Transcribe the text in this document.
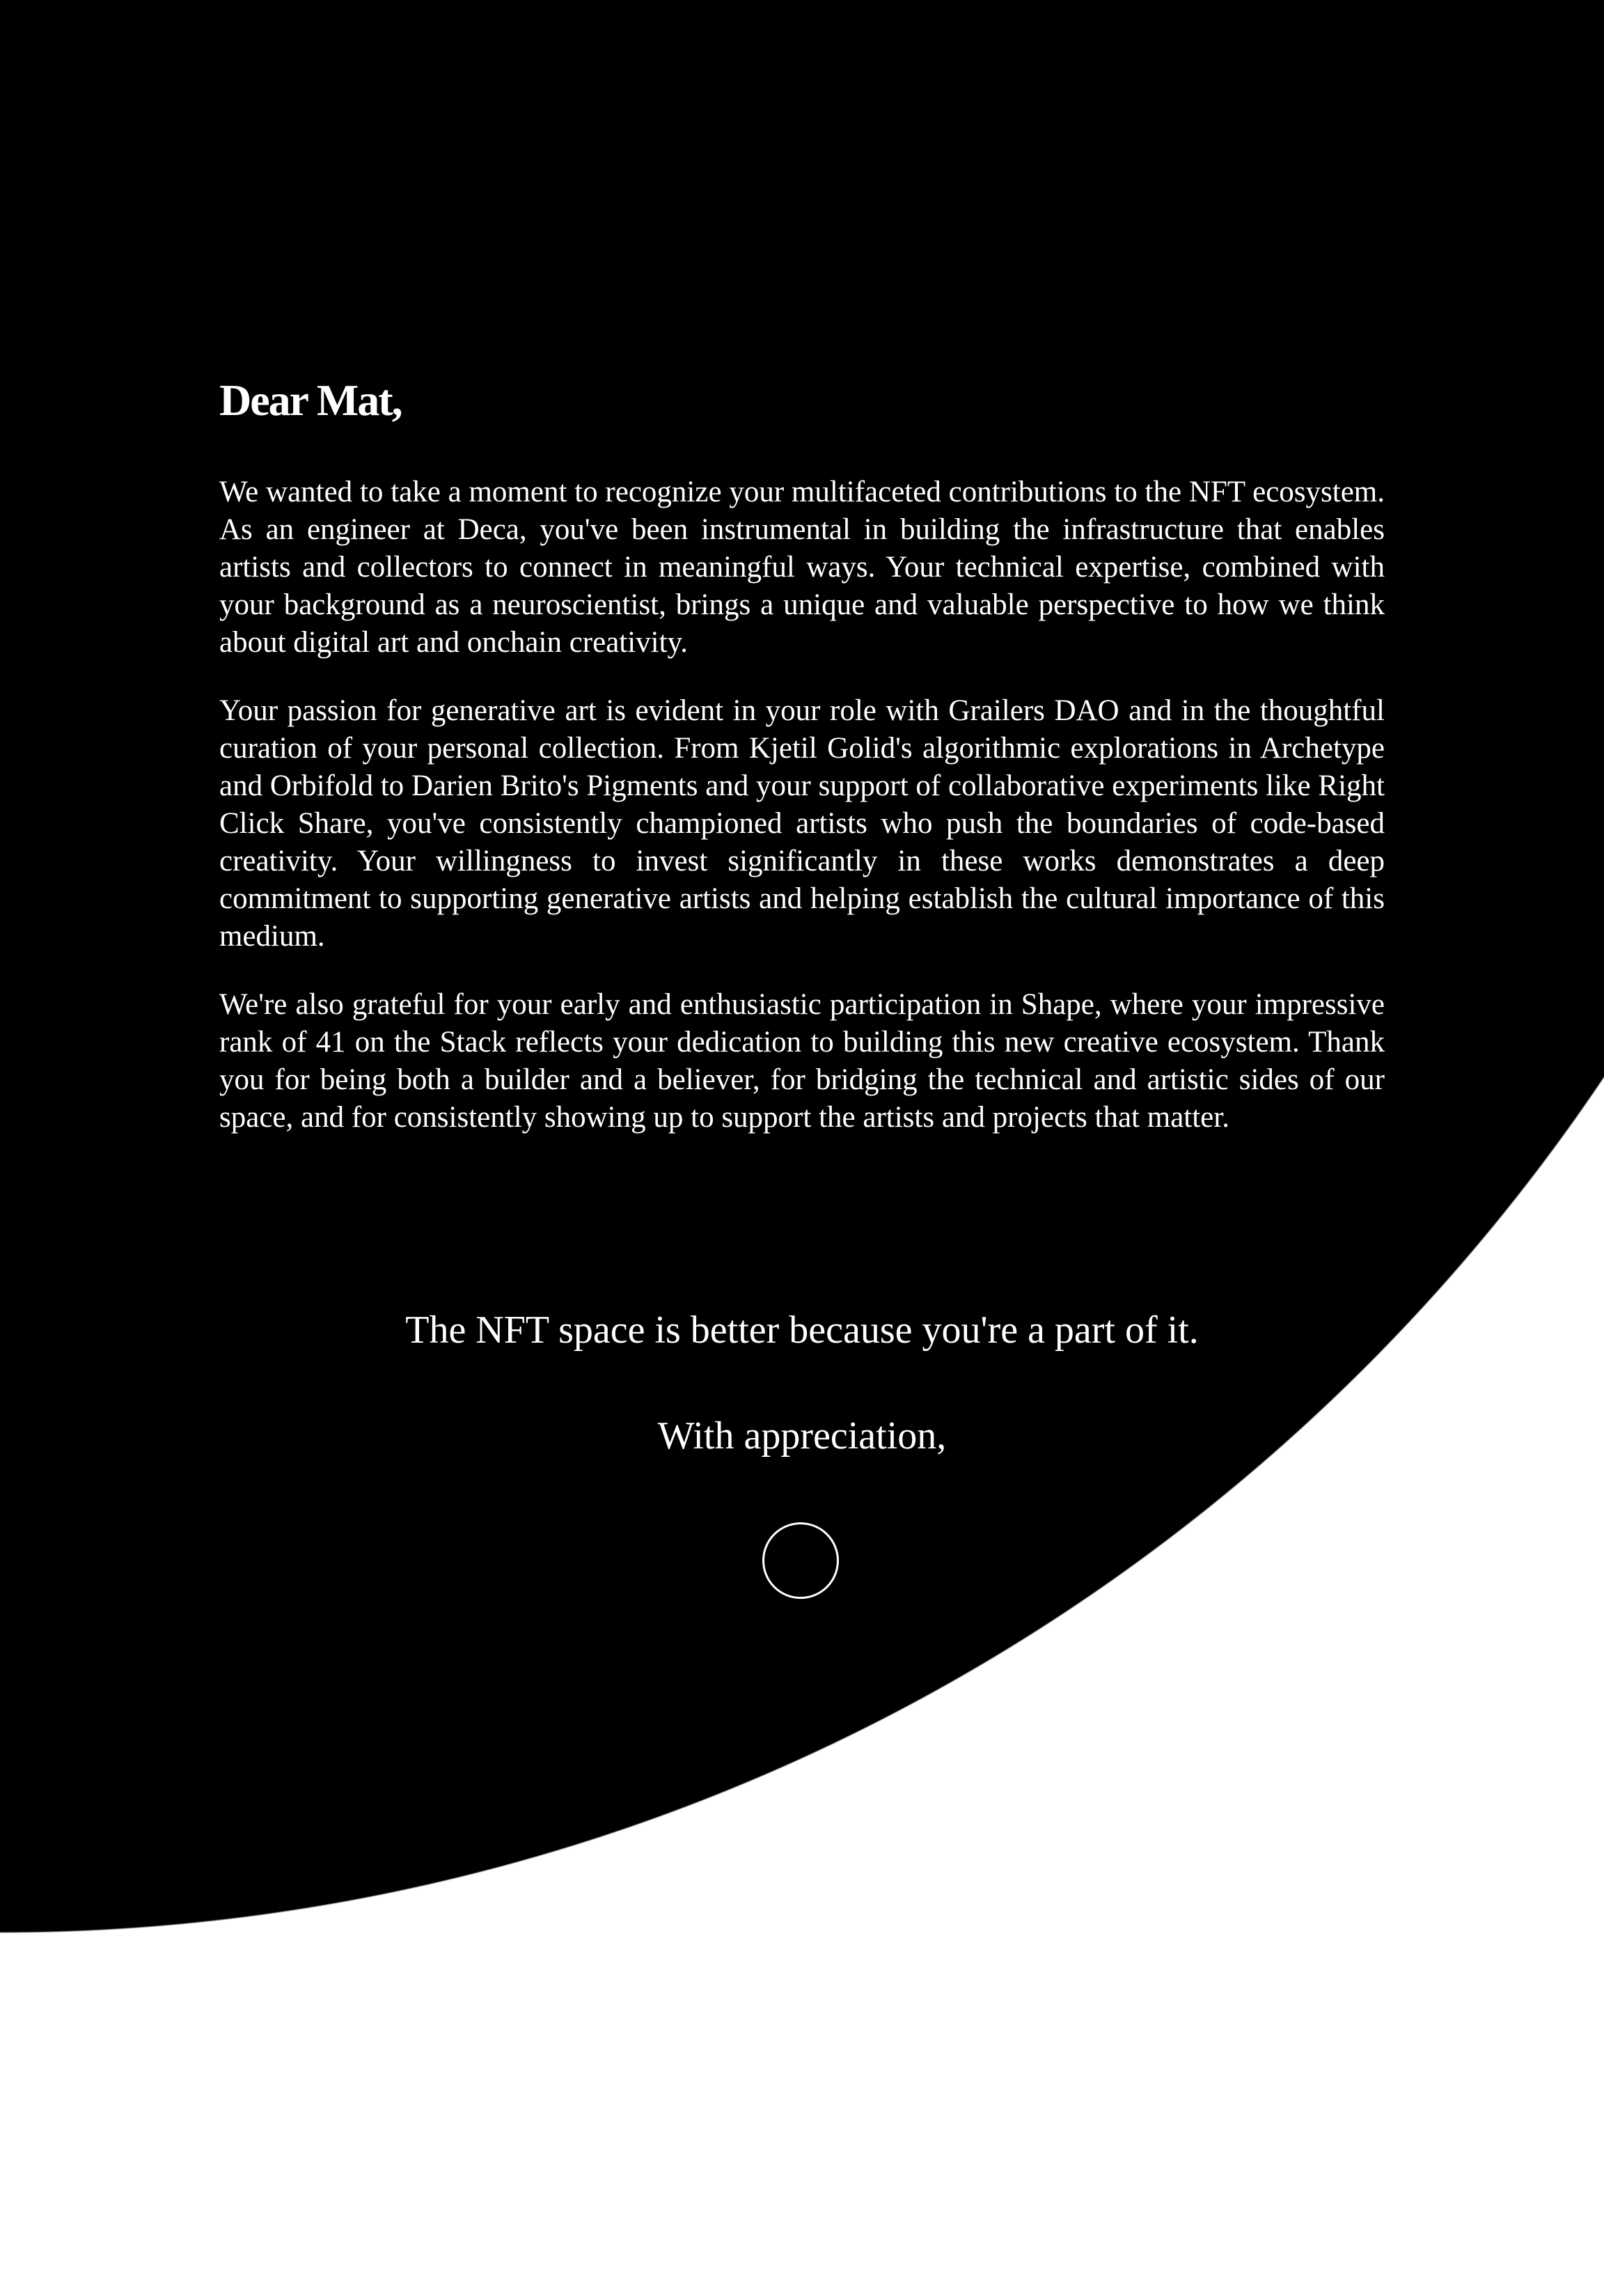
Dear Mat,

We wanted to take a moment to recognize your multifaceted contributions to the NFT ecosystem. As an engineer at Deca, you've been instrumental in building the infrastructure that enables artists and collectors to connect in meaningful ways. Your technical expertise, combined with your background as a neuroscientist, brings a unique and valuable perspective to how we think about digital art and onchain creativity.

Your passion for generative art is evident in your role with Grailers DAO and in the thoughtful curation of your personal collection. From Kjetil Golid's algorithmic explorations in Archetype and Orbifold to Darien Brito's Pigments and your support of collaborative experiments like Right Click Share, you've consistently championed artists who push the boundaries of code-based creativity. Your willingness to invest significantly in these works demonstrates a deep commitment to supporting generative artists and helping establish the cultural importance of this medium.

We're also grateful for your early and enthusiastic participation in Shape, where your impressive rank of 41 on the Stack reflects your dedication to building this new creative ecosystem. Thank you for being both a builder and a believer, for bridging the technical and artistic sides of our space, and for consistently showing up to support the artists and projects that matter.

The NFT space is better because you're a part of it.
With appreciation,
